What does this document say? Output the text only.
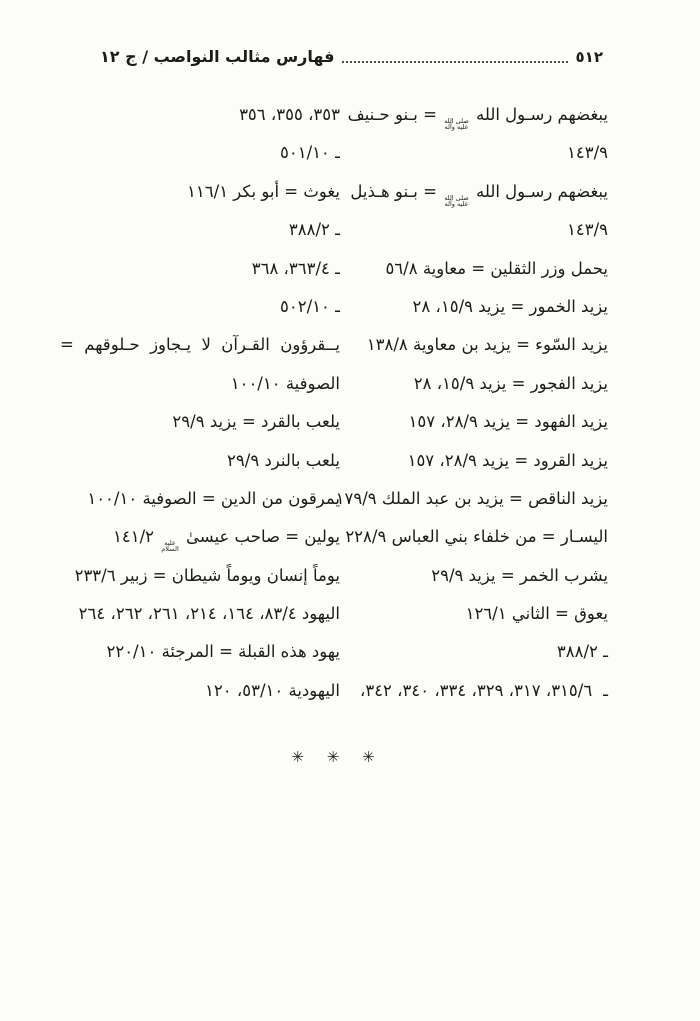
٥١٢
فهارس مثالب النواصب / ج ١٢
يبغضهم رسـول الله
صلى الله
عليه وآله
= بـنو حـنيف
١٤٣/٩
يبغضهم رسـول الله
صلى الله
عليه وآله
= بـنو هـذيل
١٤٣/٩
يحمل وزر الثقلين = معاوية ٥٦/٨
يزيد الخمور = يزيد ١٥/٩، ٢٨
يزيد السّوء = يزيد بن معاوية ١٣٨/٨
يزيد الفجور = يزيد ١٥/٩، ٢٨
يزيد الفهود = يزيد ٢٨/٩، ١٥٧
يزيد القرود = يزيد ٢٨/٩، ١٥٧
يزيد الناقص = يزيد بن عبد الملك ١٧٩/٩
اليسـار = من خلفاء بني العباس ٢٢٨/٩
يشرب الخمر = يزيد ٢٩/٩
يعوق = الثاني ١٢٦/١
ـ ٣٨٨/٢
ـ
٣١٥/٦، ٣١٧، ٣٢٩، ٣٣٤، ٣٤٠، ٣٤٢،
٣٥٣، ٣٥٥، ٣٥٦
ـ ٥٠١/١٠
يغوث = أبو بكر ١١٦/١
ـ ٣٨٨/٢
ـ ٣٦٣/٤، ٣٦٨
ـ ٥٠٢/١٠
يــقرؤون
القـرآن
لا
يـجاوز
حـلوقهم
=
الصوفية ١٠٠/١٠
يلعب بالقرد = يزيد ٢٩/٩
يلعب بالنرد ٢٩/٩
يمرقون من الدين = الصوفية ١٠٠/١٠
يولين = صاحب عيسىٰ
عليه
السلام
١٤١/٢
يوماً إنسان ويوماً شيطان = زبير ٢٣٣/٦
اليهود ٨٣/٤، ١٦٤، ٢١٤، ٢٦١، ٢٦٢، ٢٦٤
يهود هذه القبلة = المرجئة ٢٢٠/١٠
اليهودية ٥٣/١٠، ١٢٠
✳ ✳ ✳
